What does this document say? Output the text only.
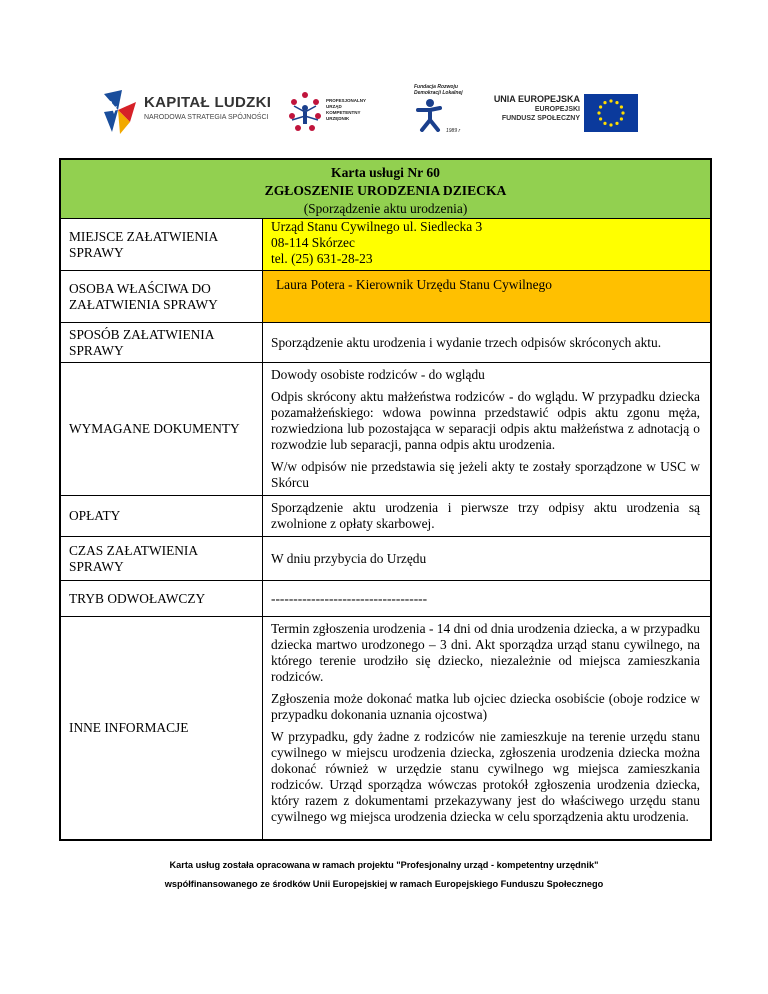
KAPITAŁ LUDZKI
NARODOWA STRATEGIA SPÓJNOŚCI
PROFESJONALNY
URZĄD
KOMPETENTNY
URZĘDNIK
Fundacja Rozwoju
Demokracji Lokalnej
1989 r
UNIA EUROPEJSKA
EUROPEJSKI
FUNDUSZ SPOŁECZNY
Karta usługi Nr 60
ZGŁOSZENIE URODZENIA DZIECKA
(Sporządzenie aktu urodzenia)	

MIEJSCE ZAŁATWIENIA SPRAWY	Urząd Stanu Cywilnego ul. Siedlecka 3
08-114 Skórzec
tel. (25) 631-28-23

OSOBA WŁAŚCIWA DO ZAŁATWIENIA SPRAWY	Laura Potera - Kierownik Urzędu Stanu Cywilnego
SPOSÓB ZAŁATWIENIA SPRAWY	Sporządzenie aktu urodzenia i wydanie trzech odpisów skróconych aktu.
WYMAGANE DOKUMENTY	Dowody osobiste rodziców - do wglądu

Odpis skrócony aktu małżeństwa rodziców - do wglądu. W przypadku dziecka pozamałżeńskiego: wdowa powinna przedstawić odpis aktu zgonu męża, rozwiedziona lub pozostająca w separacji odpis aktu małżeństwa z adnotacją o rozwodzie lub separacji, panna odpis aktu urodzenia.

W/w odpisów nie przedstawia się jeżeli akty te zostały sporządzone w USC w Skórcu

OPŁATY	Sporządzenie aktu urodzenia i pierwsze trzy odpisy aktu urodzenia są zwolnione z opłaty skarbowej.
CZAS ZAŁATWIENIA SPRAWY	W dniu przybycia do Urzędu
TRYB ODWOŁAWCZY	-----------------------------------
INNE INFORMACJE	Termin zgłoszenia urodzenia - 14 dni od dnia urodzenia dziecka, a w przypadku dziecka martwo urodzonego – 3 dni. Akt sporządza urząd stanu cywilnego, na którego terenie urodziło się dziecko, niezależnie od miejsca zamieszkania rodziców.

Zgłoszenia może dokonać matka lub ojciec dziecka osobiście (oboje rodzice w przypadku dokonania uznania ojcostwa)

W przypadku, gdy żadne z rodziców nie zamieszkuje na terenie urzędu stanu cywilnego w miejscu urodzenia dziecka, zgłoszenia urodzenia dziecka można dokonać również w urzędzie stanu cywilnego wg miejsca zamieszkania rodziców. Urząd sporządza wówczas protokół zgłoszenia urodzenia dziecka, który razem z dokumentami przekazywany jest do właściwego urzędu stanu cywilnego wg miejsca urodzenia dziecka w celu sporządzenia aktu urodzenia.

Karta usług została opracowana w ramach projektu "Profesjonalny urząd - kompetentny urzędnik"
współfinansowanego ze środków Unii Europejskiej w ramach Europejskiego Funduszu Społecznego
